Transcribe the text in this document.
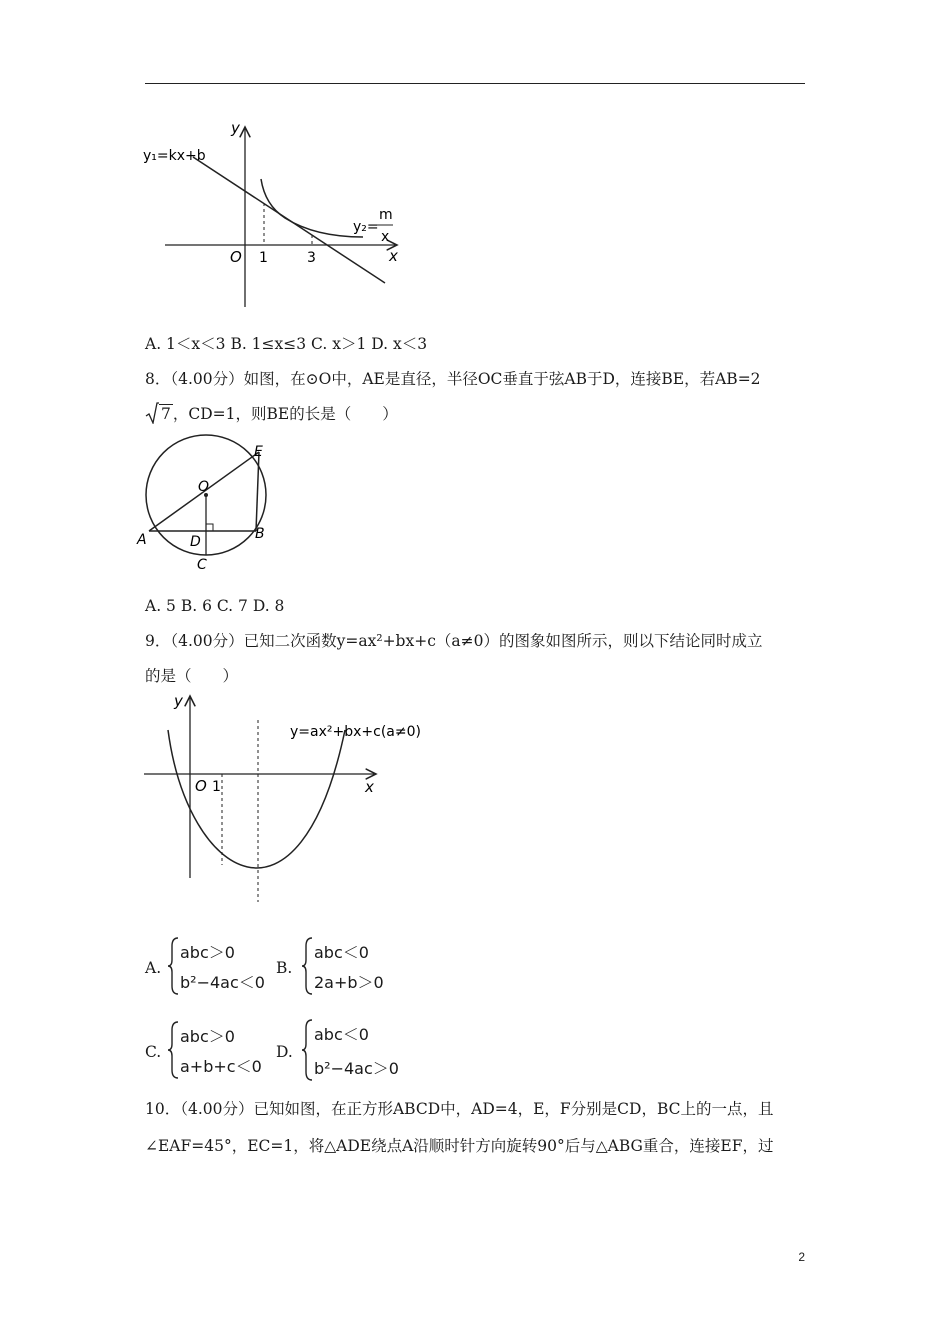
y
x
O 1	3
y₁=kx+b
y₂=
m
x
A. 1＜x＜3 B. 1≤x≤3 C. x＞1 D. x＜3
8．（4.00分）如图，在⊙O中，AE是直径，半径OC垂直于弦AB于D，连接BE，若AB=2
7 ，CD=1，则BE的长是（　　）
O
E
A	B
D
C
A. 5 B. 6 C. 7 D. 8
9．（4.00分）已知二次函数y=ax²+bx+c（a≠0）的图象如图所示，则以下结论同时成立
的是（　　）
y
x
O 1
y=ax²+bx+c(a≠0)
A.
abc＞0
b²−4ac＜0
B.
abc＜0
2a+b＞0
C.
abc＞0
a+b+c＜0
D.
abc＜0
b²−4ac＞0
10．（4.00分）已知如图，在正方形ABCD中，AD=4，E，F分别是CD，BC上的一点，且
∠EAF=45°，EC=1，将△ADE绕点A沿顺时针方向旋转90°后与△ABG重合，连接EF，过
2
